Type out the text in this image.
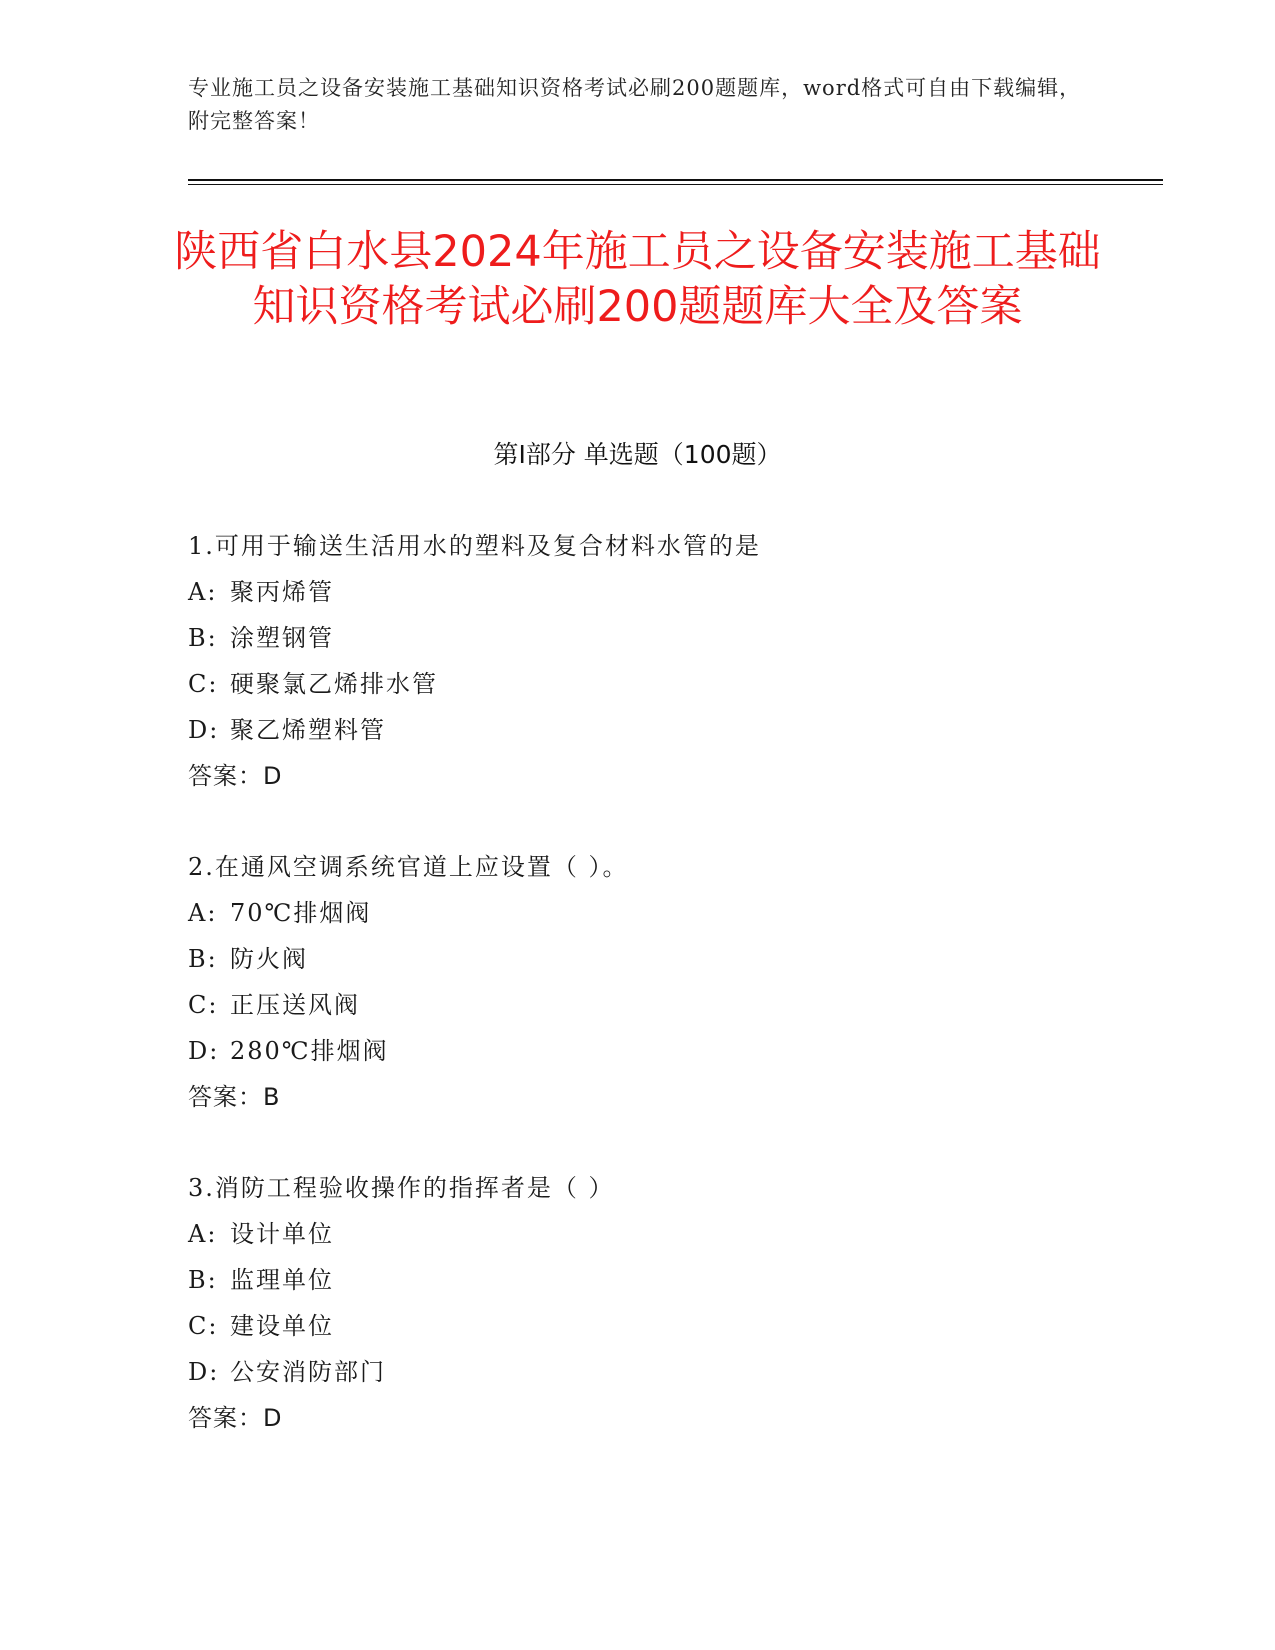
专业施工员之设备安装施工基础知识资格考试必刷200题题库，word格式可自由下载编辑，附完整答案！
陕西省白水县2024年施工员之设备安装施工基础知识资格考试必刷200题题库大全及答案
第I部分 单选题（100题）
1.可用于输送生活用水的塑料及复合材料水管的是
A: 聚丙烯管
B: 涂塑钢管
C: 硬聚氯乙烯排水管
D: 聚乙烯塑料管
答案：D
2.在通风空调系统官道上应设置（ ）。
A: 70℃排烟阀
B: 防火阀
C: 正压送风阀
D: 280℃排烟阀
答案：B
3.消防工程验收操作的指挥者是（ ）
A: 设计单位
B: 监理单位
C: 建设单位
D: 公安消防部门
答案：D
